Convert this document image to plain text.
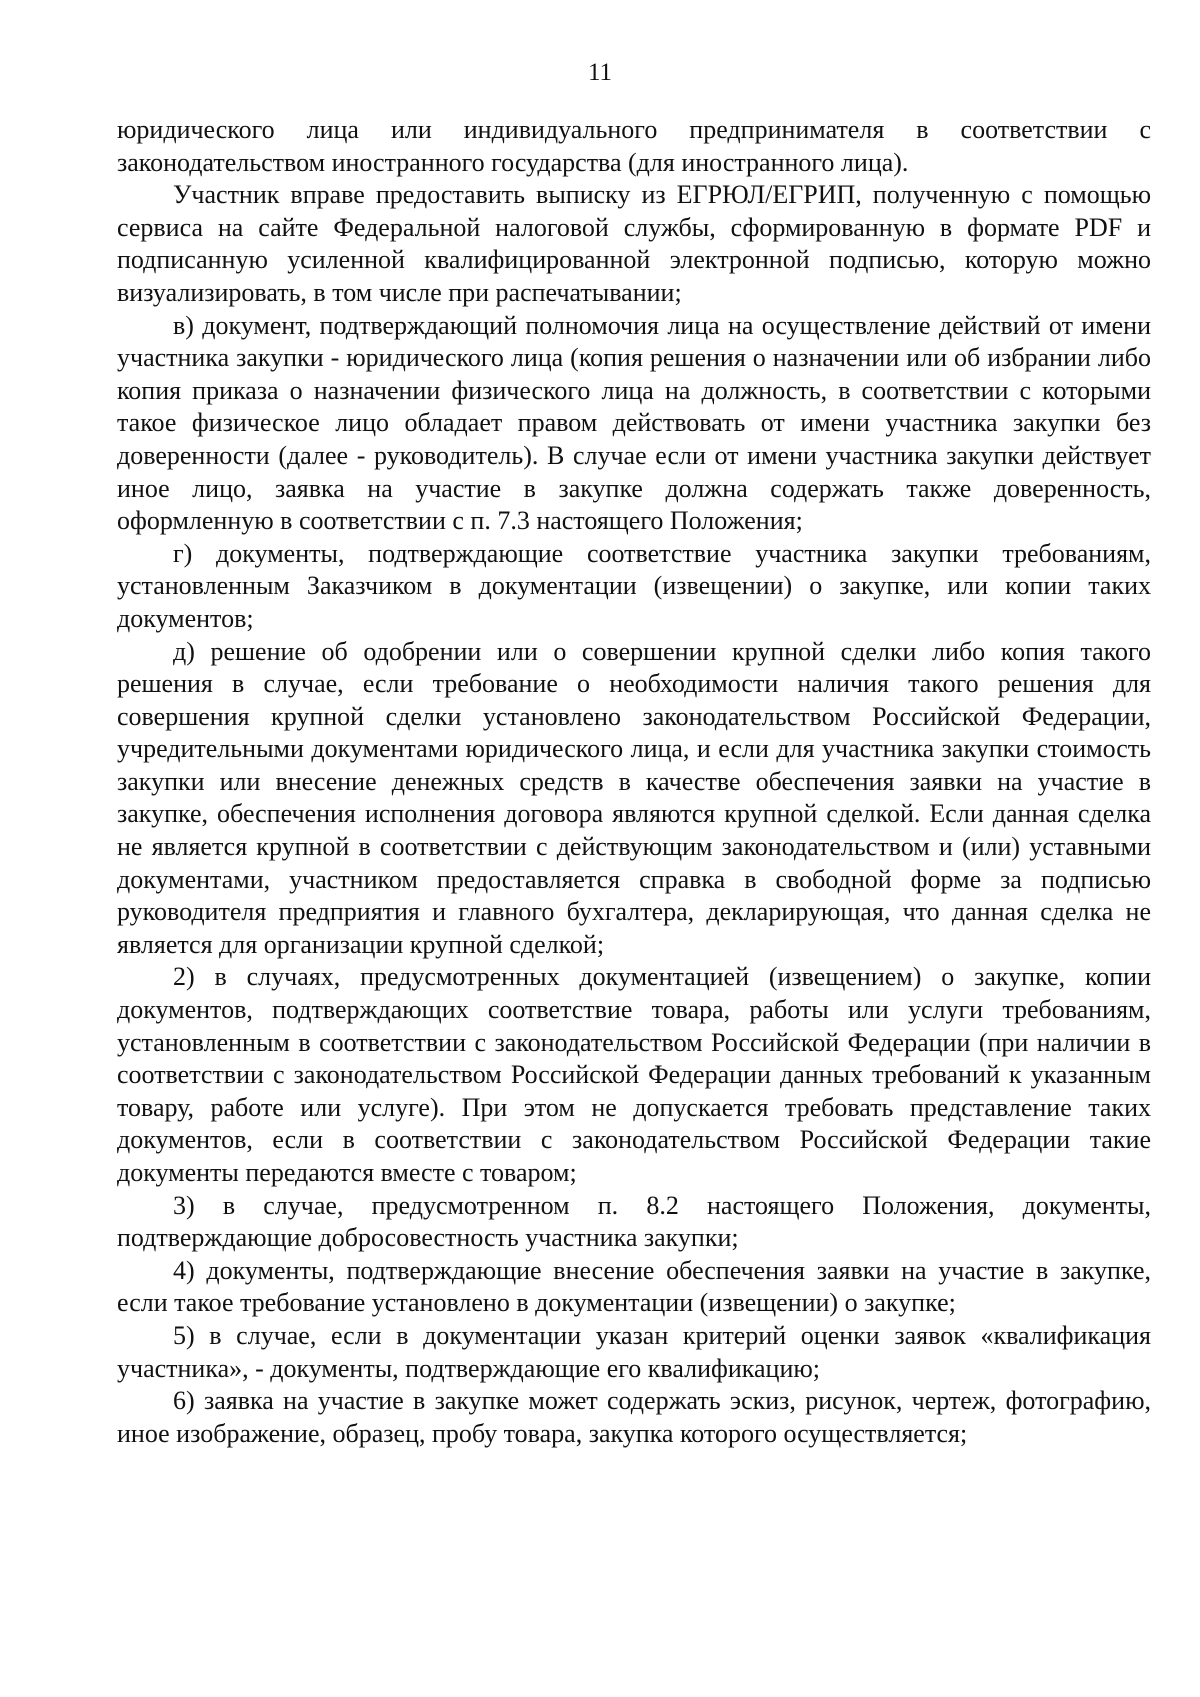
11

юридического лица или индивидуального предпринимателя в соответствии с законодательством иностранного государства (для иностранного лица).

Участник вправе предоставить выписку из ЕГРЮЛ/ЕГРИП, полученную с помощью сервиса на сайте Федеральной налоговой службы, сформированную в формате PDF и подписанную усиленной квалифицированной электронной подписью, которую можно визуализировать, в том числе при распечатывании;

в) документ, подтверждающий полномочия лица на осуществление действий от имени участника закупки - юридического лица (копия решения о назначении или об избрании либо копия приказа о назначении физического лица на должность, в соответствии с которыми такое физическое лицо обладает правом действовать от имени участника закупки без доверенности (далее - руководитель). В случае если от имени участника закупки действует иное лицо, заявка на участие в закупке должна содержать также доверенность, оформленную в соответствии с п. 7.3 настоящего Положения;

г) документы, подтверждающие соответствие участника закупки требованиям, установленным Заказчиком в документации (извещении) о закупке, или копии таких документов;

д) решение об одобрении или о совершении крупной сделки либо копия такого решения в случае, если требование о необходимости наличия такого решения для совершения крупной сделки установлено законодательством Российской Федерации, учредительными документами юридического лица, и если для участника закупки стоимость закупки или внесение денежных средств в качестве обеспечения заявки на участие в закупке, обеспечения исполнения договора являются крупной сделкой. Если данная сделка не является крупной в соответствии с действующим законодательством и (или) уставными документами, участником предоставляется справка в свободной форме за подписью руководителя предприятия и главного бухгалтера, декларирующая, что данная сделка не является для организации крупной сделкой;

2) в случаях, предусмотренных документацией (извещением) о закупке, копии документов, подтверждающих соответствие товара, работы или услуги требованиям, установленным в соответствии с законодательством Российской Федерации (при наличии в соответствии с законодательством Российской Федерации данных требований к указанным товару, работе или услуге). При этом не допускается требовать представление таких документов, если в соответствии с законодательством Российской Федерации такие документы передаются вместе с товаром;

3) в случае, предусмотренном п. 8.2 настоящего Положения, документы, подтверждающие добросовестность участника закупки;

4) документы, подтверждающие внесение обеспечения заявки на участие в закупке, если такое требование установлено в документации (извещении) о закупке;

5) в случае, если в документации указан критерий оценки заявок «квалификация участника», - документы, подтверждающие его квалификацию;

6) заявка на участие в закупке может содержать эскиз, рисунок, чертеж, фотографию, иное изображение, образец, пробу товара, закупка которого осуществляется;
